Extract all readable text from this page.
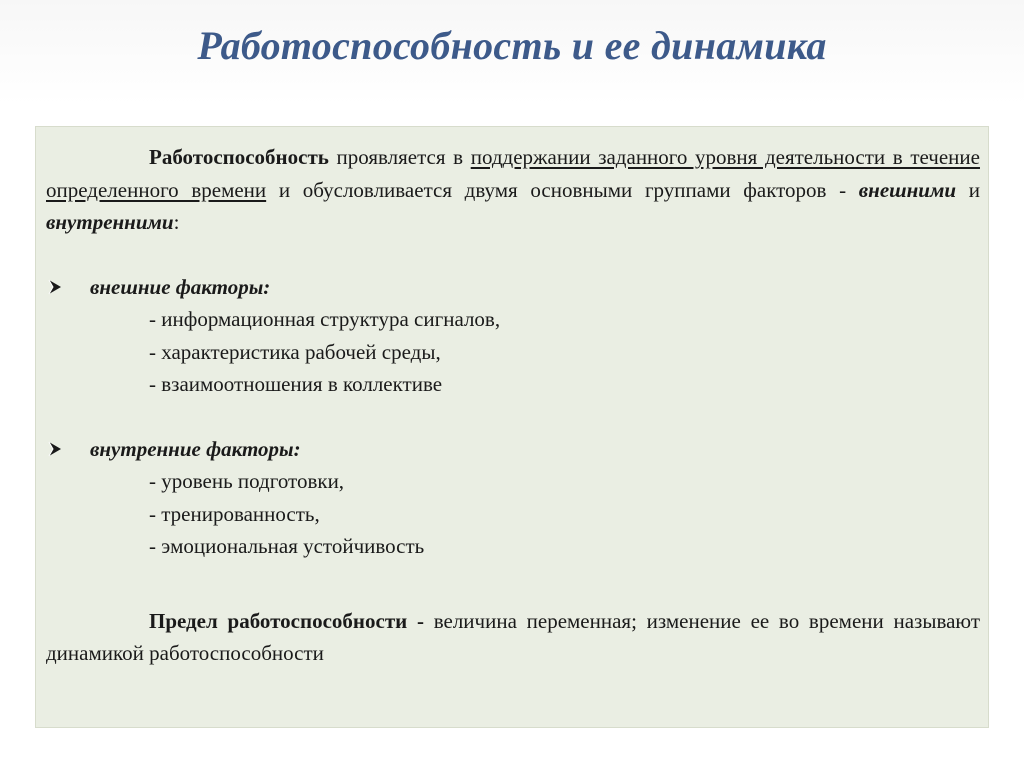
Работоспособность и ее динамика

Работоспособность проявляется в поддержании заданного уровня деятельности в течение определенного времени и обусловливается двумя основными группами факторов - внешними и внутренними:

внешние факторы:
- информационная структура сигналов,
- характеристика рабочей среды,
- взаимоотношения в коллективе
внутренние факторы:
- уровень подготовки,
- тренированность,
- эмоциональная устойчивость

Предел работоспособности - величина переменная; изменение ее во времени называют динамикой работоспособности
